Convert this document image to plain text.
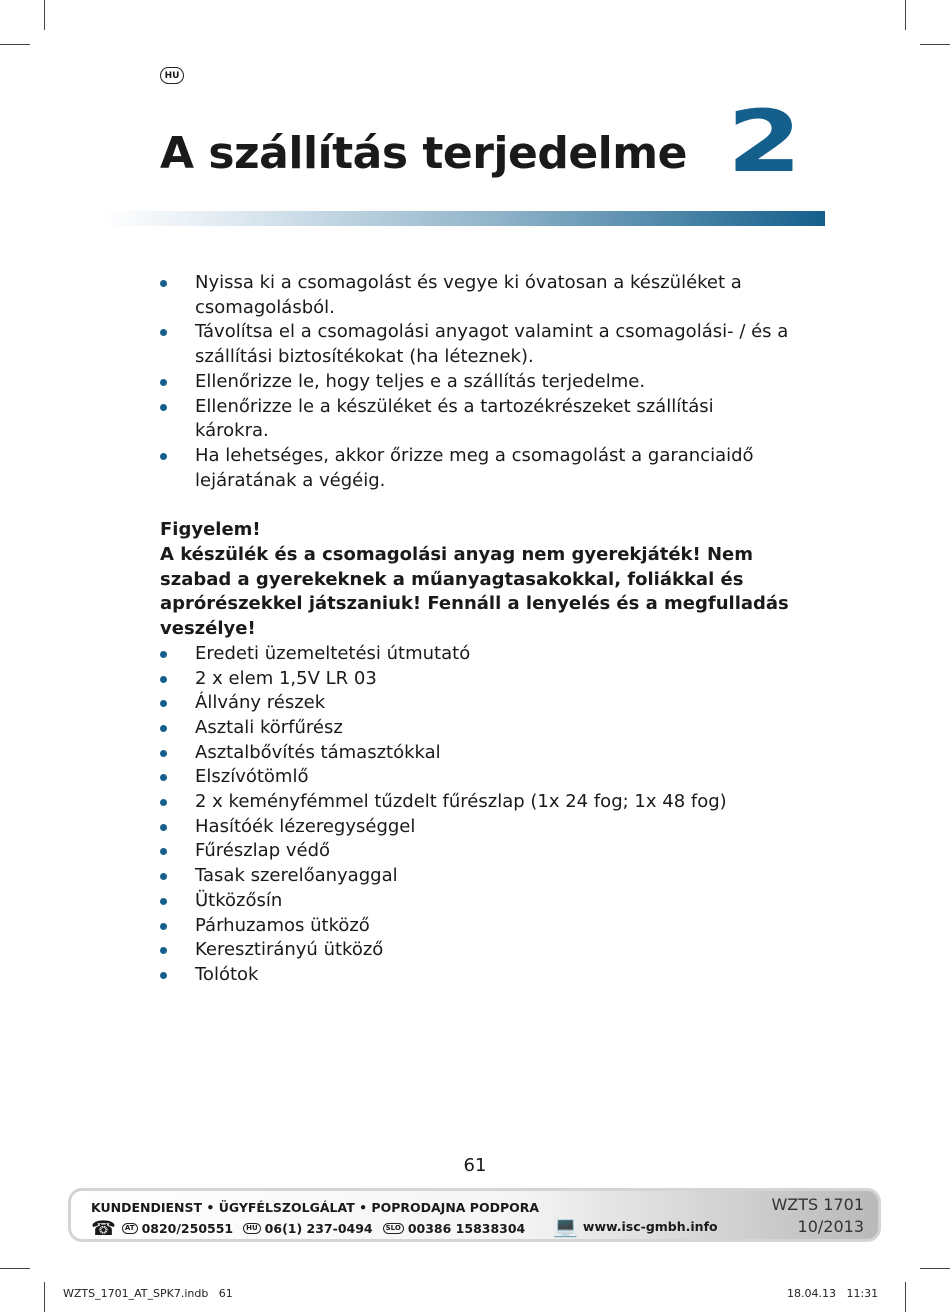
HU
A szállítás terjedelme 2
Nyissa ki a csomagolást és vegye ki óvatosan a készüléket a csomagolásból.
Távolítsa el a csomagolási anyagot valamint a csomagolási- / és a szállítási biztosítékokat (ha léteznek).
Ellenőrizze le, hogy teljes e a szállítás terjedelme.
Ellenőrizze le a készüléket és a tartozékrészeket szállítási károkra.
Ha lehetséges, akkor őrizze meg a csomagolást a garanciaidő lejáratának a végéig.
Figyelem!
A készülék és a csomagolási anyag nem gyerekjáték! Nem szabad a gyerekeknek a műanyagtasakokkal, foliákkal és aprórészekkel játszaniuk! Fennáll a lenyelés és a megfulladás veszélye!
Eredeti üzemeltetési útmutató
2 x elem 1,5V LR 03
Állvány részek
Asztali körfűrész
Asztalbővítés támasztókkal
Elszívótömlő
2 x keményfémmel tűzdelt fűrészlap (1x 24 fog; 1x 48 fog)
Hasítóék lézeregységgel
Fűrészlap védő
Tasak szerelőanyaggal
Ütközősín
Párhuzamos ütköző
Keresztirányú ütköző
Tolótok
61
KUNDENDIENST • ÜGYFÉLSZOLGÁLAT • POPRODAJNA PODPORA
☎	AT 0820/250551	HU 06(1) 237-0494	SLO 00386 15838304 💻 www.isc-gmbh.info
WZTS 1701
10/2013
WZTS_1701_AT_SPK7.indb   61	18.04.13   11:31
